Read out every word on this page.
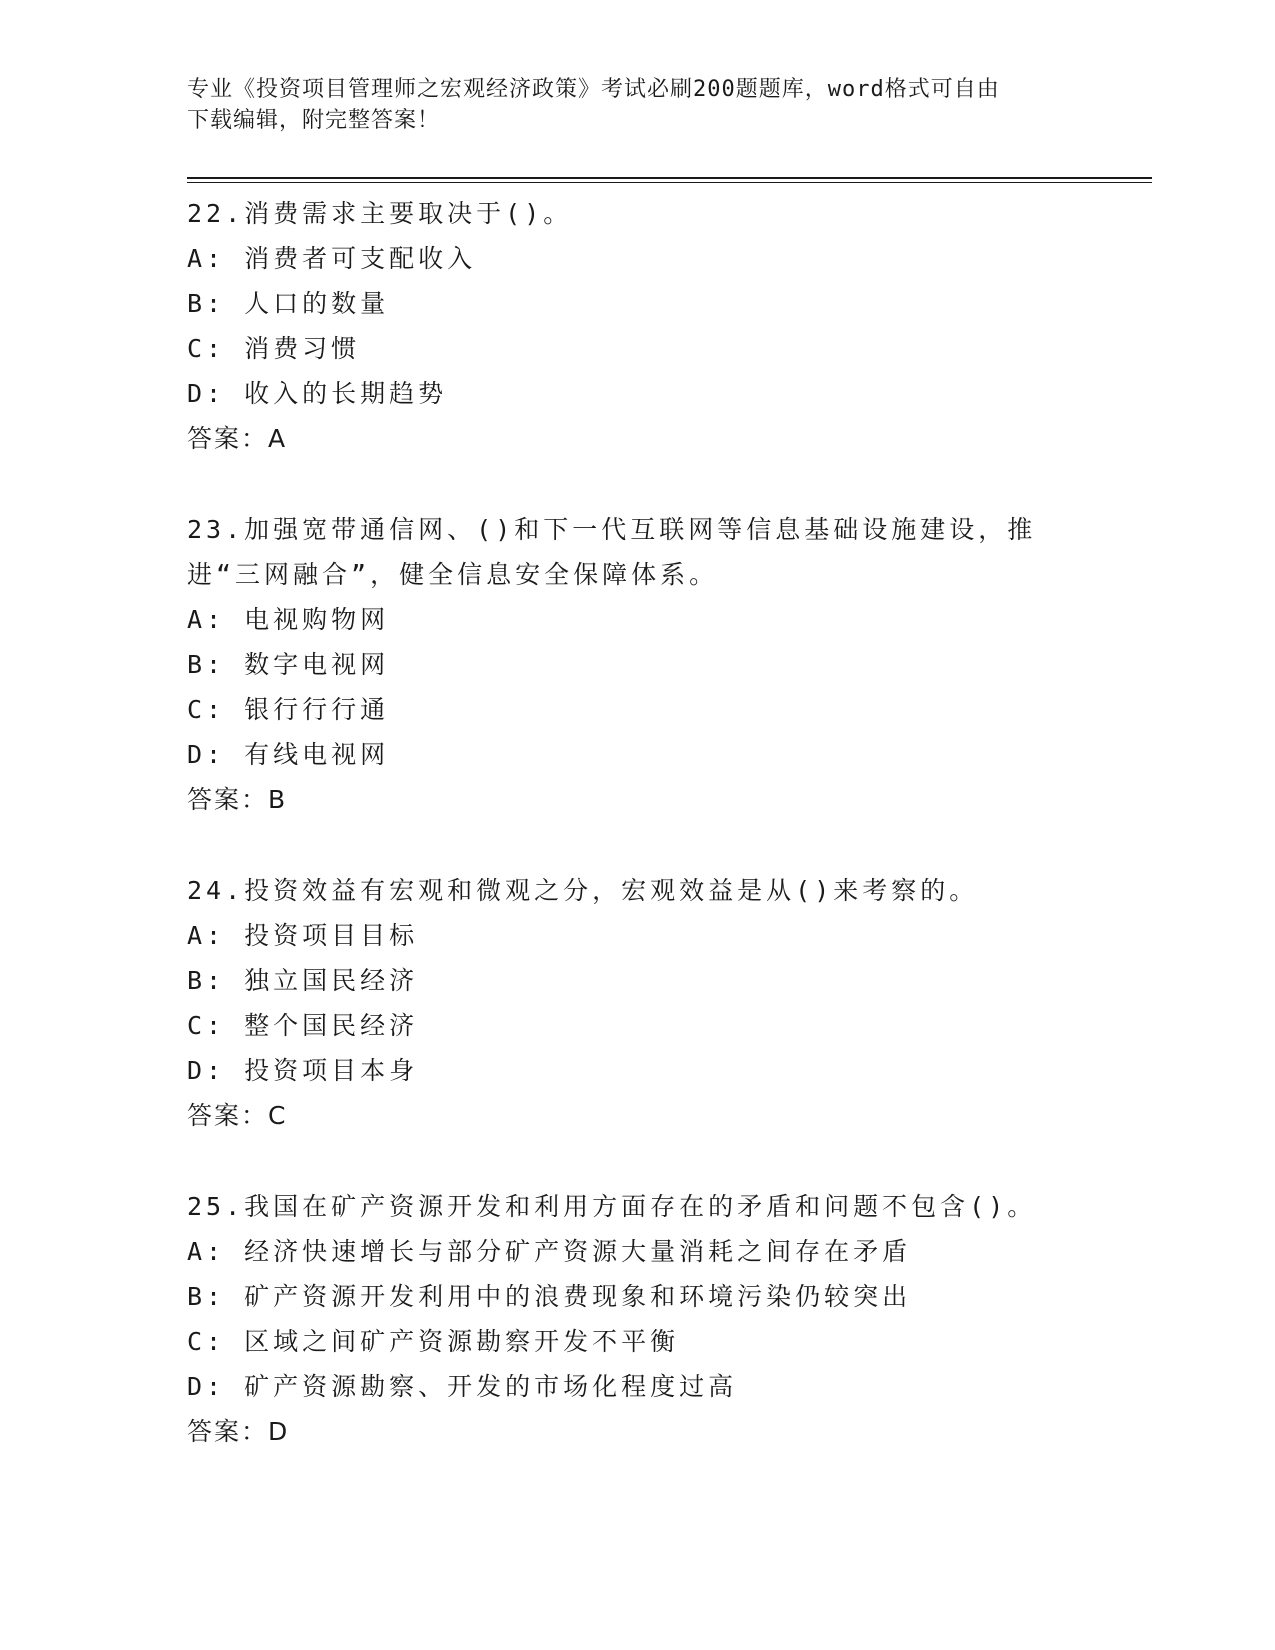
专业《投资项目管理师之宏观经济政策》考试必刷200题题库，word格式可自由
下载编辑，附完整答案！
22.消费需求主要取决于()。
A: 消费者可支配收入
B: 人口的数量
C: 消费习惯
D: 收入的长期趋势
答案：A
23.加强宽带通信网、()和下一代互联网等信息基础设施建设，推进“三网融合”，健全信息安全保障体系。
A: 电视购物网
B: 数字电视网
C: 银行行行通
D: 有线电视网
答案：B
24.投资效益有宏观和微观之分，宏观效益是从()来考察的。
A: 投资项目目标
B: 独立国民经济
C: 整个国民经济
D: 投资项目本身
答案：C
25.我国在矿产资源开发和利用方面存在的矛盾和问题不包含()。
A: 经济快速增长与部分矿产资源大量消耗之间存在矛盾
B: 矿产资源开发利用中的浪费现象和环境污染仍较突出
C: 区域之间矿产资源勘察开发不平衡
D: 矿产资源勘察、开发的市场化程度过高
答案：D
